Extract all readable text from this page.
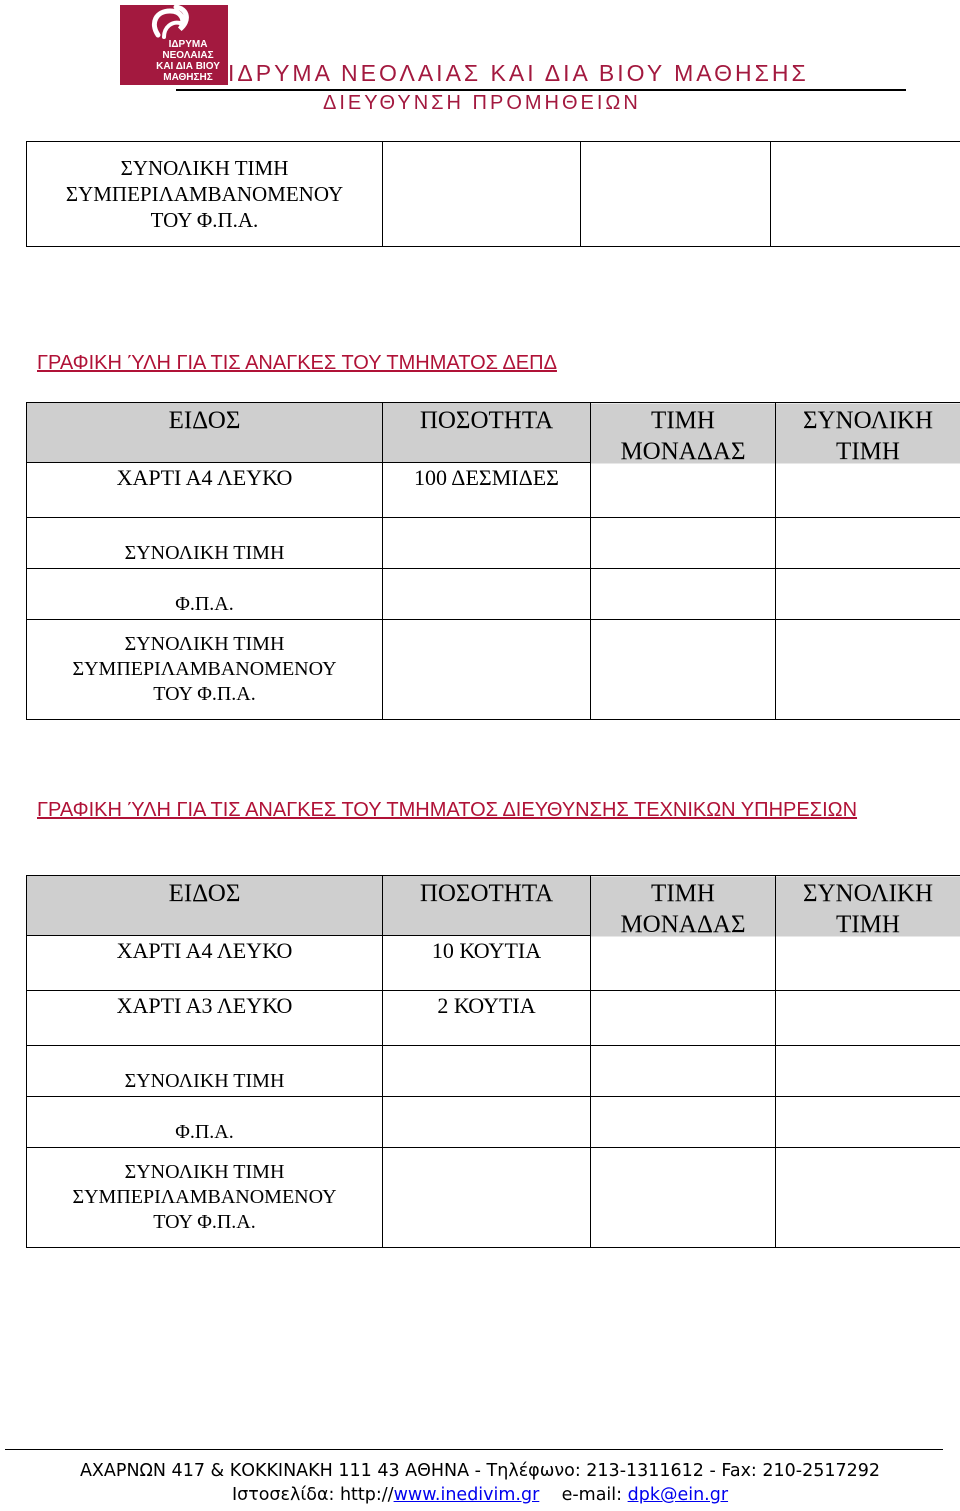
ΙΔΡΥΜΑ
ΝΕΟΛΑΙΑΣ
ΚΑΙ ΔΙΑ ΒΙΟΥ
ΜΑΘΗΣΗΣ ΙΔΡΥΜΑ ΝΕΟΛΑΙΑΣ ΚΑΙ ΔΙΑ ΒΙΟΥ ΜΑΘΗΣΗΣ
ΔΙΕΥΘΥΝΣΗ ΠΡΟΜΗΘΕΙΩΝ
ΣΥΝΟΛΙΚΗ ΤΙΜΗ
ΣΥΜΠΕΡΙΛΑΜΒΑΝΟΜΕΝΟΥ
ΤΟΥ Φ.Π.Α.

ΓΡΑΦΙΚΗ ΎΛΗ ΓΙΑ ΤΙΣ ΑΝΑΓΚΕΣ ΤΟΥ ΤΜΗΜΑΤΟΣ ΔΕΠΔ
ΕΙΔΟΣ	ΠΟΣΟΤΗΤΑ	ΤΙΜΗ ΜΟΝΑΔΑΣ	ΣΥΝΟΛΙΚΗ ΤΙΜΗ

ΧΑΡΤΙ Α4 ΛΕΥΚΟ	100 ΔΕΣΜΙΔΕΣ		
ΣΥΝΟΛΙΚΗ ΤΙΜΗ			
Φ.Π.Α.			

ΣΥΝΟΛΙΚΗ ΤΙΜΗ
ΣΥΜΠΕΡΙΛΑΜΒΑΝΟΜΕΝΟΥ
ΤΟΥ Φ.Π.Α.			

ΓΡΑΦΙΚΗ ΎΛΗ ΓΙΑ ΤΙΣ ΑΝΑΓΚΕΣ ΤΟΥ ΤΜΗΜΑΤΟΣ ΔΙΕΥΘΥΝΣΗΣ ΤΕΧΝΙΚΩΝ ΥΠΗΡΕΣΙΩΝ
ΕΙΔΟΣ	ΠΟΣΟΤΗΤΑ	ΤΙΜΗ ΜΟΝΑΔΑΣ	ΣΥΝΟΛΙΚΗ ΤΙΜΗ

ΧΑΡΤΙ Α4 ΛΕΥΚΟ	10 ΚΟΥΤΙΑ		
ΧΑΡΤΙ Α3 ΛΕΥΚΟ	2 ΚΟΥΤΙΑ		
ΣΥΝΟΛΙΚΗ ΤΙΜΗ			
Φ.Π.Α.			

ΣΥΝΟΛΙΚΗ ΤΙΜΗ
ΣΥΜΠΕΡΙΛΑΜΒΑΝΟΜΕΝΟΥ
ΤΟΥ Φ.Π.Α.			

ΑΧΑΡΝΩΝ 417 & ΚΟΚΚΙΝΑΚΗ 111 43 ΑΘΗΝΑ - Τηλέφωνο: 213-1311612 - Fax: 210-2517292
Ιστοσελίδα: http://www.inedivim.gr e-mail: dpk@ein.gr
